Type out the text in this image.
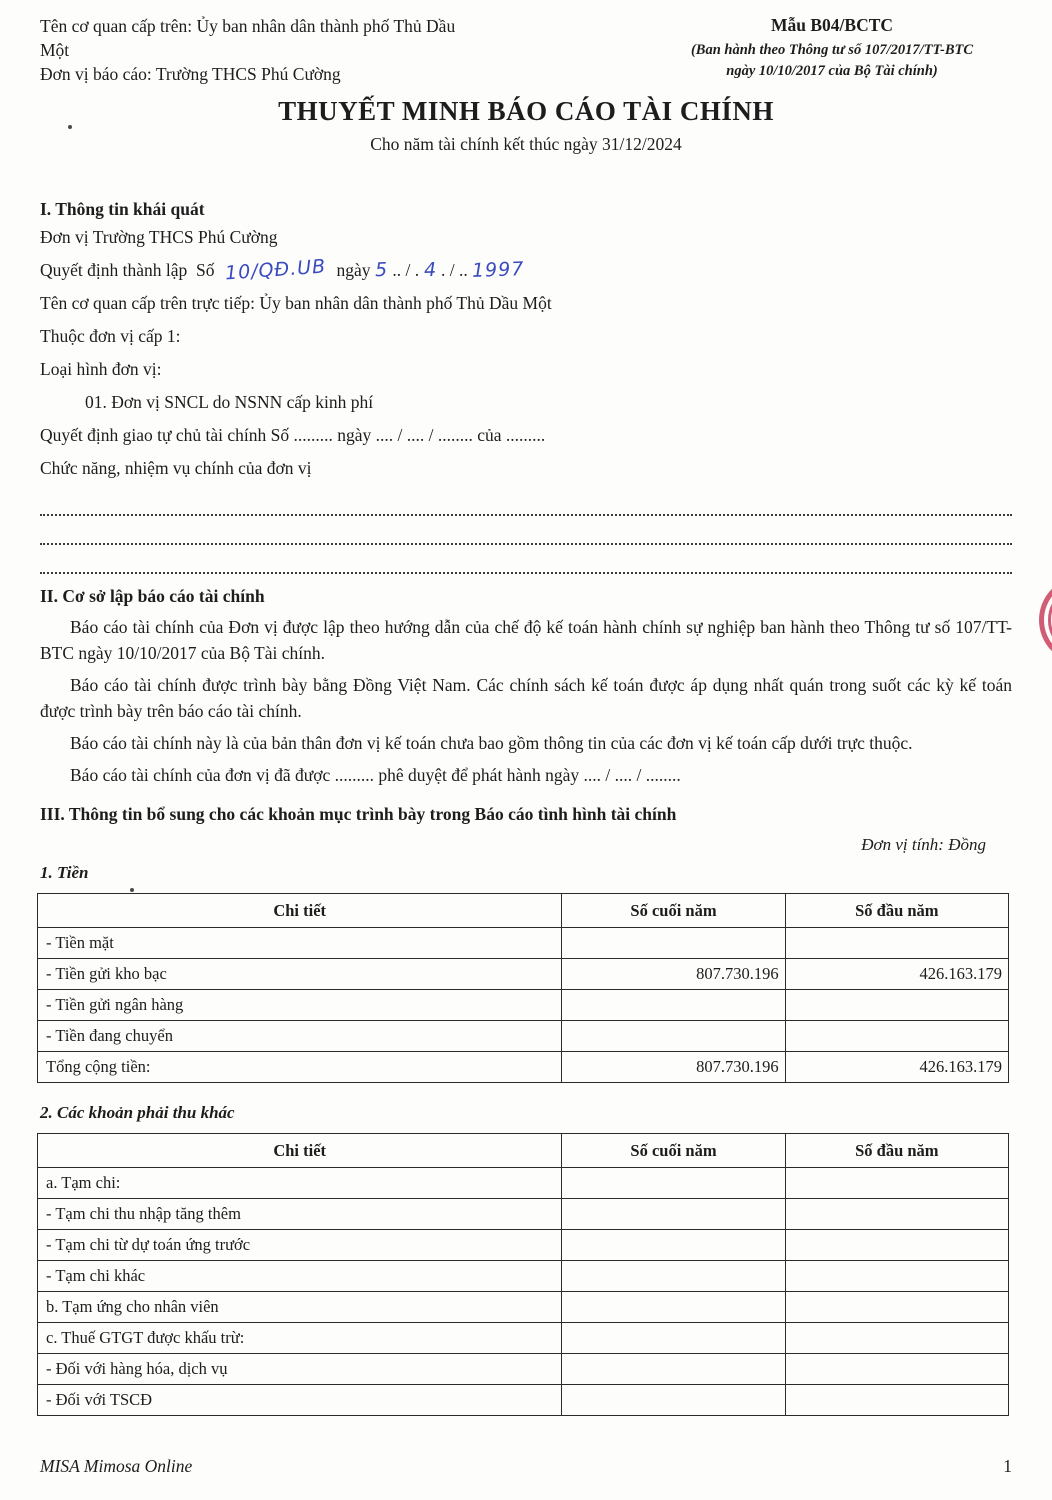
Tên cơ quan cấp trên: Ủy ban nhân dân thành phố Thủ Dầu
Một
Đơn vị báo cáo: Trường THCS Phú Cường
Mẫu B04/BCTC
(Ban hành theo Thông tư số 107/2017/TT-BTC
ngày 10/10/2017 của Bộ Tài chính)
THUYẾT MINH BÁO CÁO TÀI CHÍNH
Cho năm tài chính kết thúc ngày 31/12/2024
I. Thông tin khái quát
Đơn vị Trường THCS Phú Cường
Quyết định thành lập  Số 10/QĐ.UB ngày 5 .. / . 4 . / .. 1997
Tên cơ quan cấp trên trực tiếp: Ủy ban nhân dân thành phố Thủ Dầu Một
Thuộc đơn vị cấp 1:
Loại hình đơn vị:
01. Đơn vị SNCL do NSNN cấp kinh phí
Quyết định giao tự chủ tài chính Số ......... ngày .... / .... / ........ của .........
Chức năng, nhiệm vụ chính của đơn vị
II. Cơ sở lập báo cáo tài chính

Báo cáo tài chính của Đơn vị được lập theo hướng dẫn của chế độ kế toán hành chính sự nghiệp ban hành theo Thông tư số 107/TT-BTC ngày 10/10/2017 của Bộ Tài chính.

Báo cáo tài chính được trình bày bằng Đồng Việt Nam. Các chính sách kế toán được áp dụng nhất quán trong suốt các kỳ kế toán được trình bày trên báo cáo tài chính.

Báo cáo tài chính này là của bản thân đơn vị kế toán chưa bao gồm thông tin của các đơn vị kế toán cấp dưới trực thuộc.

Báo cáo tài chính của đơn vị đã được ......... phê duyệt để phát hành ngày .... / .... / ........

III. Thông tin bổ sung cho các khoản mục trình bày trong Báo cáo tình hình tài chính
Đơn vị tính: Đồng
1. Tiền
Chi tiết	Số cuối năm	Số đầu năm
- Tiền mặt		
- Tiền gửi kho bạc	807.730.196	426.163.179
- Tiền gửi ngân hàng		
- Tiền đang chuyển		
Tổng cộng tiền:	807.730.196	426.163.179
2. Các khoản phải thu khác
Chi tiết	Số cuối năm	Số đầu năm
a. Tạm chi:		
- Tạm chi thu nhập tăng thêm		
- Tạm chi từ dự toán ứng trước		
- Tạm chi khác		
b. Tạm ứng cho nhân viên		
c. Thuế GTGT được khấu trừ:		
- Đối với hàng hóa, dịch vụ		
- Đối với TSCĐ		
MISA Mimosa Online	1
